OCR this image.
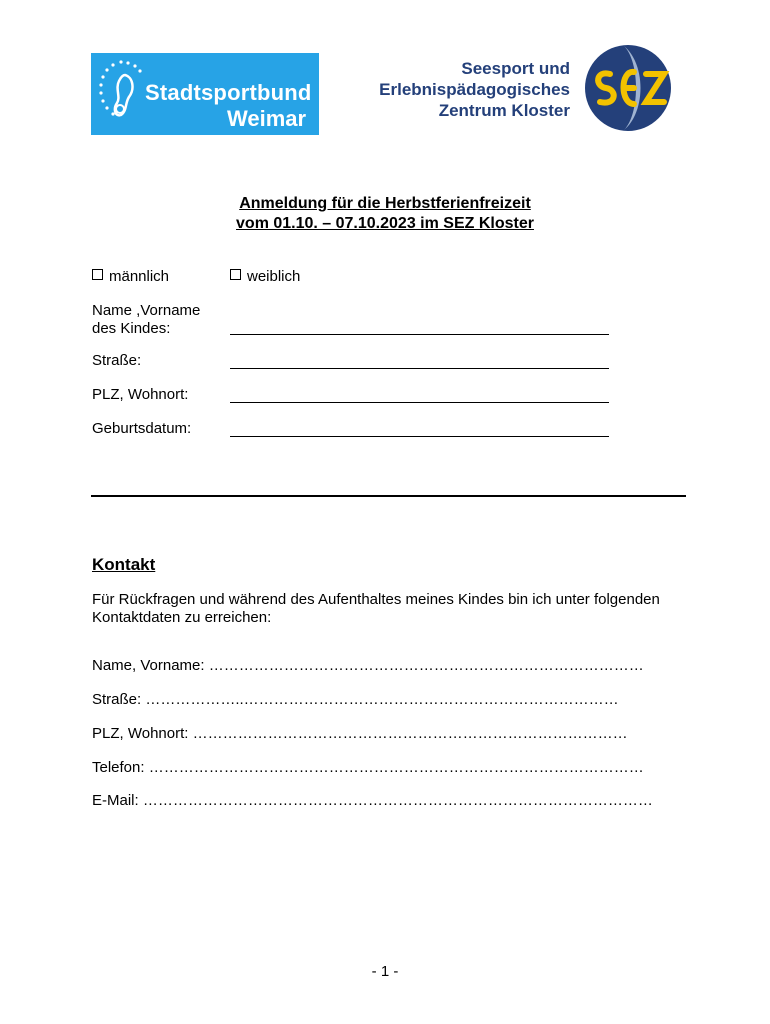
Stadtsportbund
Weimar
Seesport und
Erlebnispädagogisches
Zentrum Kloster
Anmeldung für die Herbstferienfreizeit
vom 01.10. – 07.10.2023 im SEZ Kloster
männlich	weiblich
Name ,Vorname
des Kindes:
Straße:
PLZ, Wohnort:
Geburtsdatum:
Kontakt
Für Rückfragen und während des Aufenthaltes meines Kindes bin ich unter folgenden Kontaktdaten zu erreichen:
Name, Vorname: ……………………………………………………………………………
Straße: ………………..…………………………………………………………………
PLZ, Wohnort: ……………………………………………………………………………
Telefon: ………………………………………………………………………………………
E-Mail: …………………………………………………………………………………………
- 1 -
